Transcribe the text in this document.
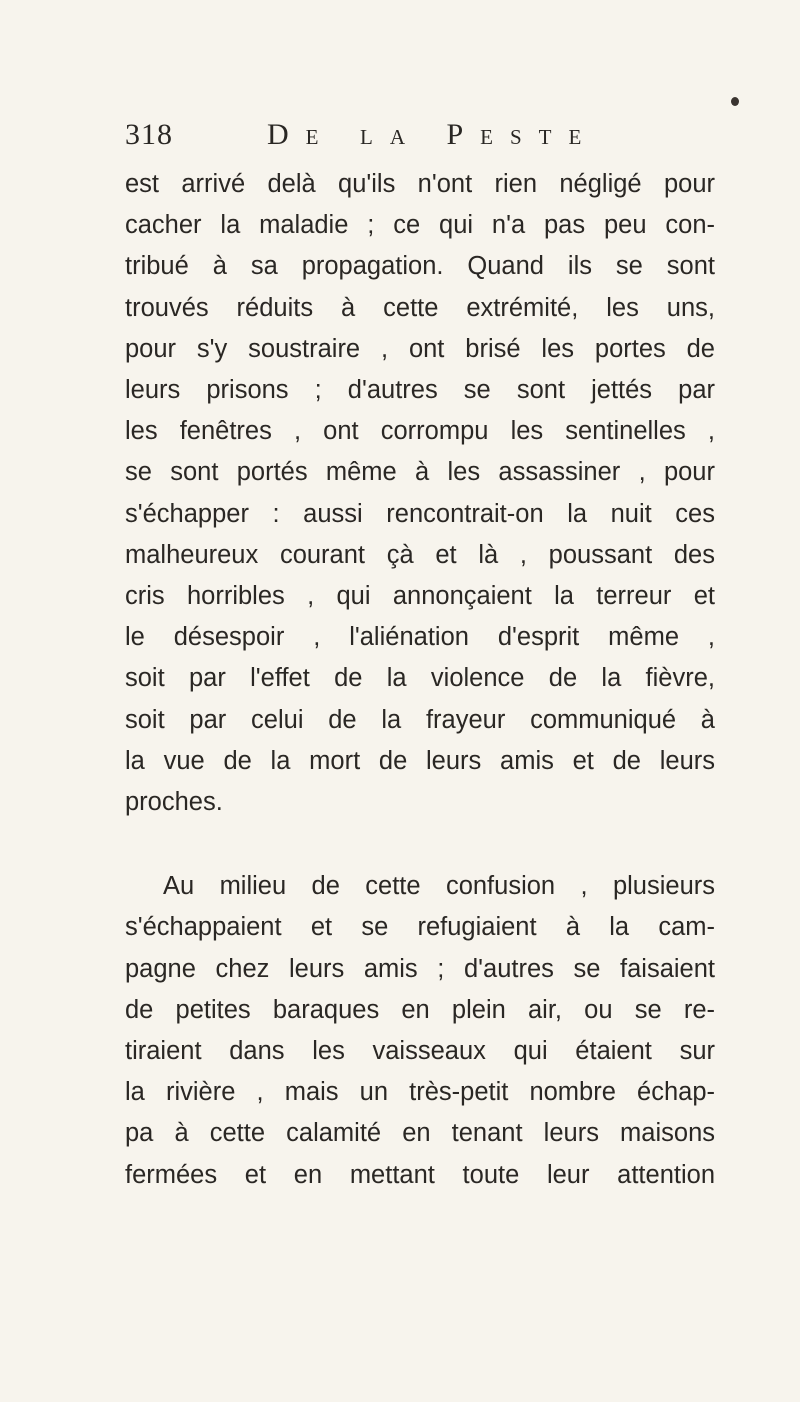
318	De la Peste
est arrivé delà qu'ils n'ont rien négligé pour
cacher la maladie ; ce qui n'a pas peu con-
tribué à sa propagation. Quand ils se sont
trouvés réduits à cette extrémité, les uns,
pour s'y soustraire , ont brisé les portes de
leurs prisons ; d'autres se sont jettés par
les fenêtres , ont corrompu les sentinelles ,
se sont portés même à les assassiner , pour
s'échapper : aussi rencontrait-on la nuit ces
malheureux courant çà et là , poussant des
cris horribles , qui annonçaient la terreur et
le désespoir , l'aliénation d'esprit même ,
soit par l'effet de la violence de la fièvre,
soit par celui de la frayeur communiqué à
la vue de la mort de leurs amis et de leurs
proches.
Au milieu de cette confusion , plusieurs
s'échappaient et se refugiaient à la cam-
pagne chez leurs amis ; d'autres se faisaient
de petites baraques en plein air, ou se re-
tiraient dans les vaisseaux qui étaient sur
la rivière , mais un très-petit nombre échap-
pa à cette calamité en tenant leurs maisons
fermées et en mettant toute leur attention
